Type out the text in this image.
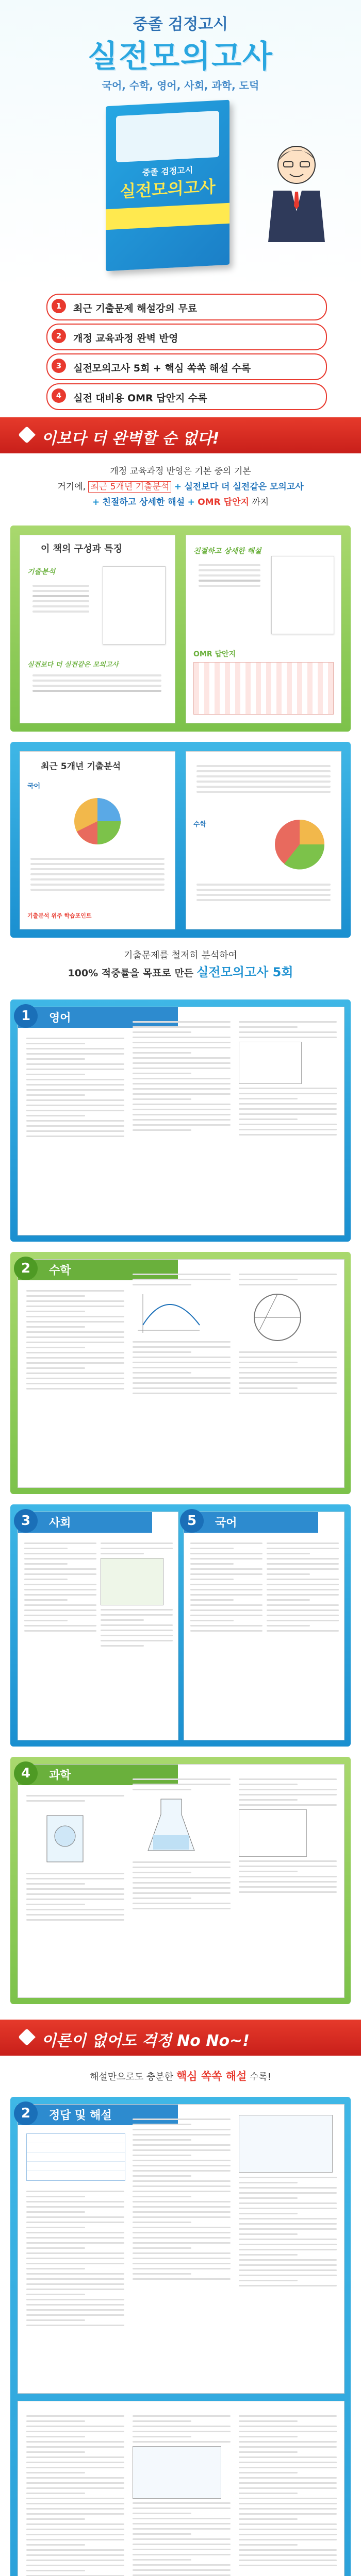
중졸 검정고시
실전모의고사
국어, 수학, 영어, 사회, 과학, 도덕
중졸 검정고시
실전모의고사
1	최근 기출문제 해설강의 무료
2	개정 교육과정 완벽 반영
3	실전모의고사 5회 + 핵심 쏙쏙 해설 수록
4	실전 대비용 OMR 답안지 수록
이보다 더 완벽할 순 없다!
개정 교육과정 반영은 기본 중의 기본
거기에, 최근 5개년 기출분석 + 실전보다 더 실전같은 모의고사
+ 친절하고 상세한 해설 + OMR 답안지 까지
이 책의 구성과 특징
기출분석
실전보다 더 실전같은 모의고사
친절하고 상세한 해설
OMR 답안지
최근 5개년 기출분석
국어
기출분석 위주 학습포인트
수학
기출문제를 철저히 분석하여
100% 적중률을 목표로 만든 실전모의고사 5회
영어
1
수학
2
사회
3	국어
5
과학
4
이론이 없어도 걱정 No No~!
해설만으로도 충분한 핵심 쏙쏙 해설 수록!
정답 및 해설
2
